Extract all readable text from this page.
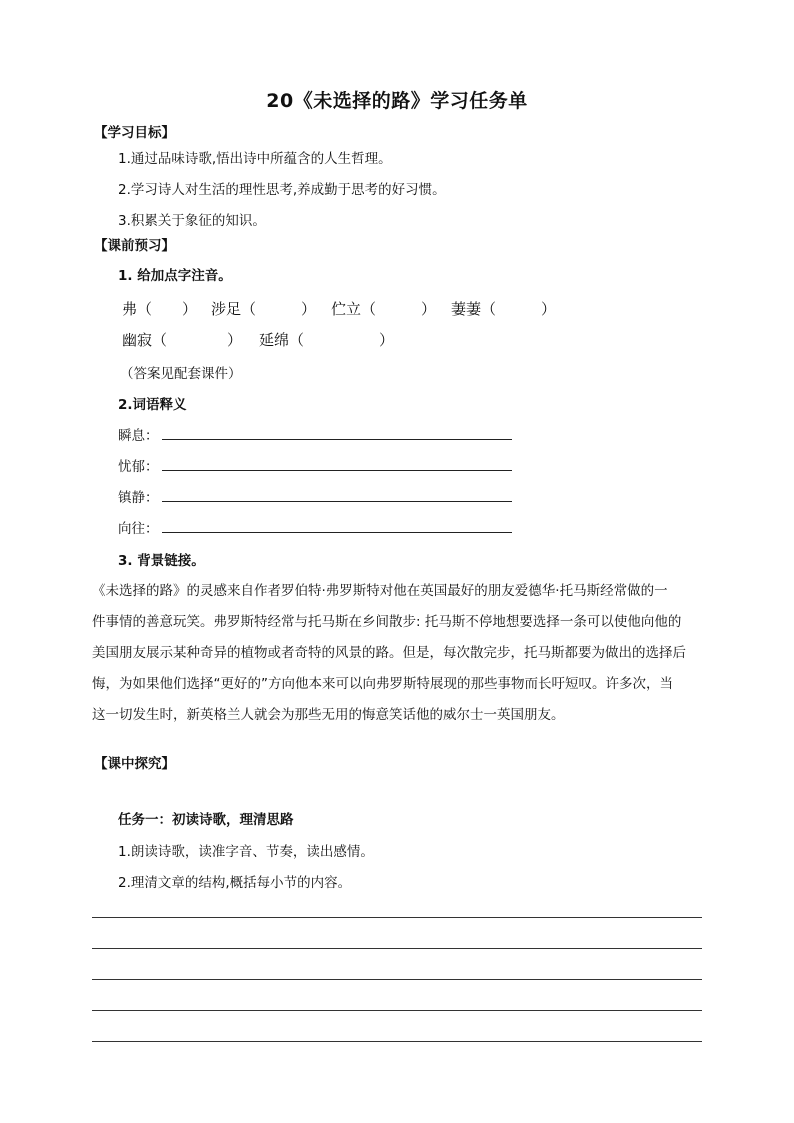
20《未选择的路》学习任务单
【学习目标】
1.通过品味诗歌,悟出诗中所蕴含的人生哲理。
2.学习诗人对生活的理性思考,养成勤于思考的好习惯。
3.积累关于象征的知识。
【课前预习】
1. 给加点字注音。
弗（　　） 涉足（　　　） 伫立（　　　） 萋萋（　　　）
幽寂（　　　　） 延绵（　　　　　）
（答案见配套课件）
2.词语释义
瞬息：
忧郁：
镇静：
向往：
3. 背景链接。
《未选择的路》的灵感来自作者罗伯特·弗罗斯特对他在英国最好的朋友爱德华·托马斯经常做的一
件事情的善意玩笑。弗罗斯特经常与托马斯在乡间散步: 托马斯不停地想要选择一条可以使他向他的
美国朋友展示某种奇异的植物或者奇特的风景的路。但是，每次散完步，托马斯都要为做出的选择后
悔，为如果他们选择“更好的”方向他本来可以向弗罗斯特展现的那些事物而长吁短叹。许多次，当
这一切发生时，新英格兰人就会为那些无用的悔意笑话他的威尔士一英国朋友。
【课中探究】
任务一：初读诗歌，理清思路
1.朗读诗歌，读准字音、节奏，读出感情。
2.理清文章的结构,概括每小节的内容。
